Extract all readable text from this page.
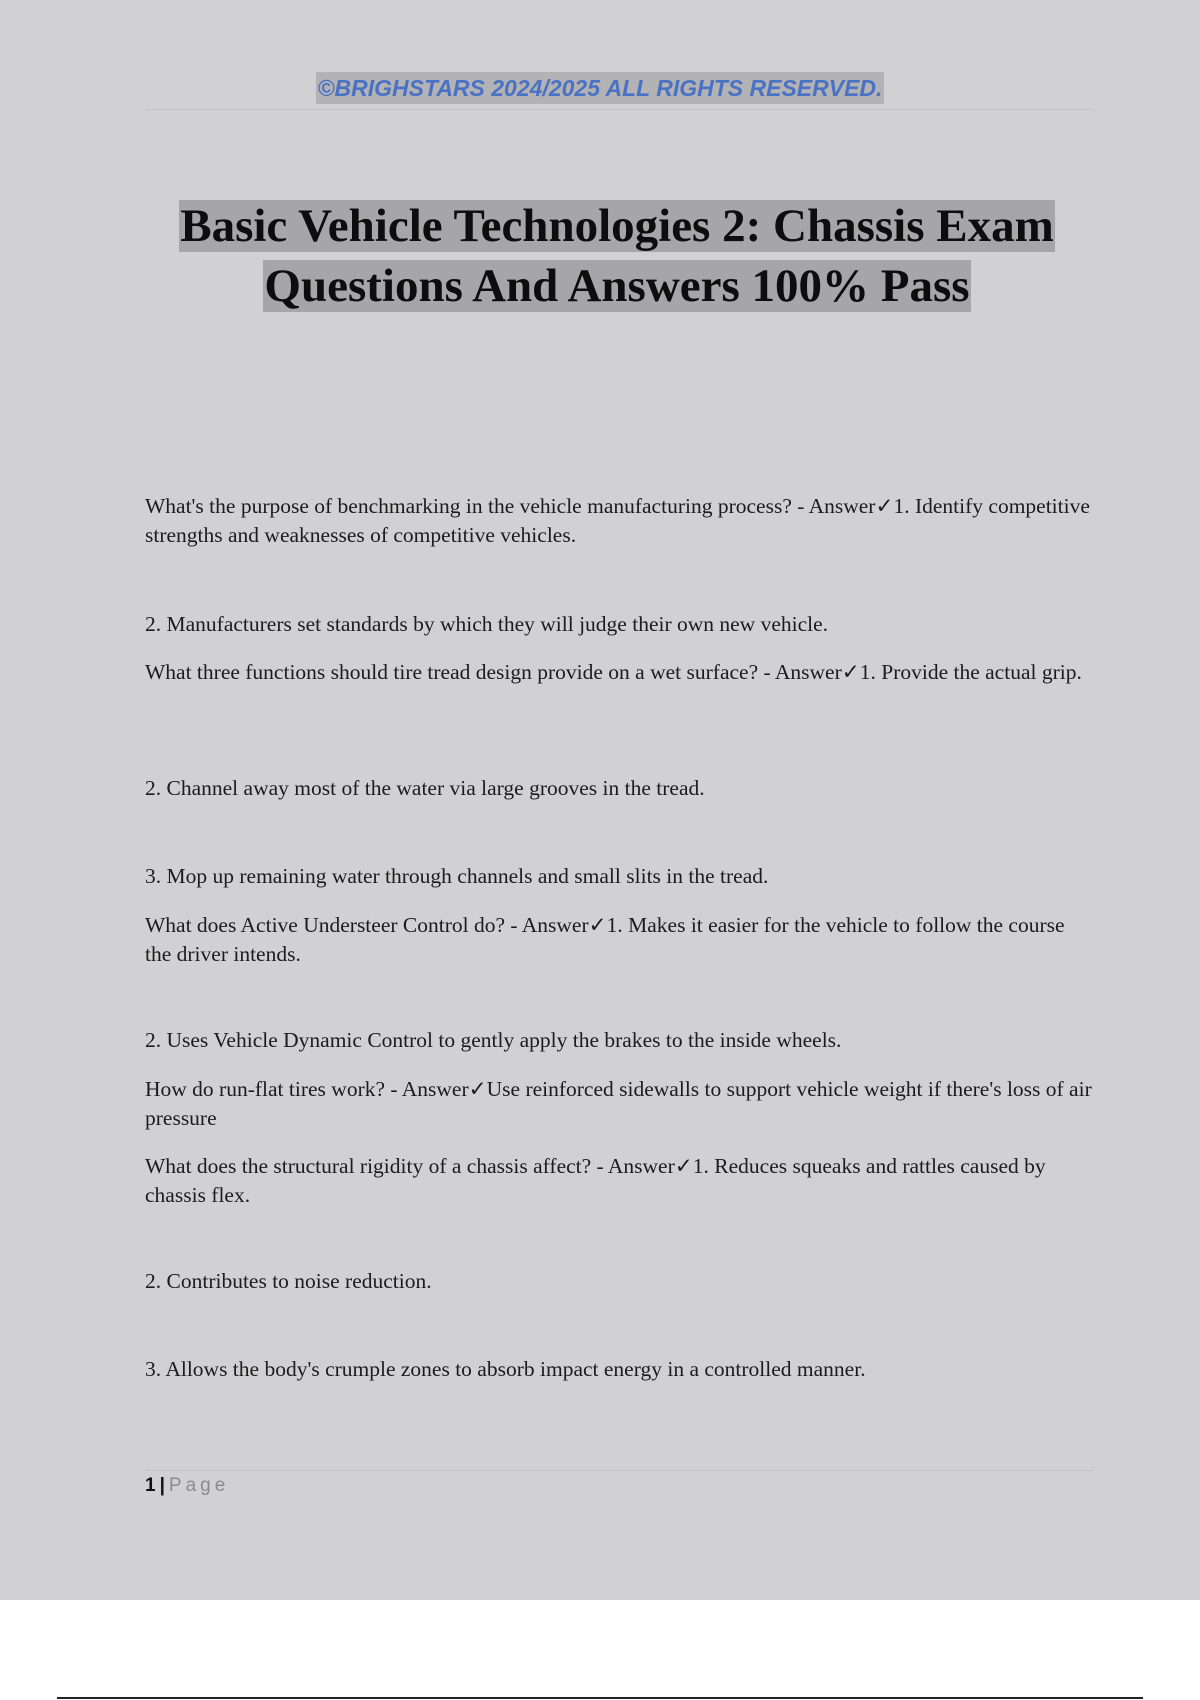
©BRIGHSTARS 2024/2025 ALL RIGHTS RESERVED.
Basic Vehicle Technologies 2: Chassis Exam Questions And Answers 100% Pass

What's the purpose of benchmarking in the vehicle manufacturing process? - Answer✓1. Identify competitive strengths and weaknesses of competitive vehicles.

2. Manufacturers set standards by which they will judge their own new vehicle.

What three functions should tire tread design provide on a wet surface? - Answer✓1. Provide the actual grip.

2. Channel away most of the water via large grooves in the tread.

3. Mop up remaining water through channels and small slits in the tread.

What does Active Understeer Control do? - Answer✓1. Makes it easier for the vehicle to follow the course the driver intends.

2. Uses Vehicle Dynamic Control to gently apply the brakes to the inside wheels.

How do run-flat tires work? - Answer✓Use reinforced sidewalls to support vehicle weight if there's loss of air pressure

What does the structural rigidity of a chassis affect? - Answer✓1. Reduces squeaks and rattles caused by chassis flex.

2. Contributes to noise reduction.

3. Allows the body's crumple zones to absorb impact energy in a controlled manner.

1 | Page
